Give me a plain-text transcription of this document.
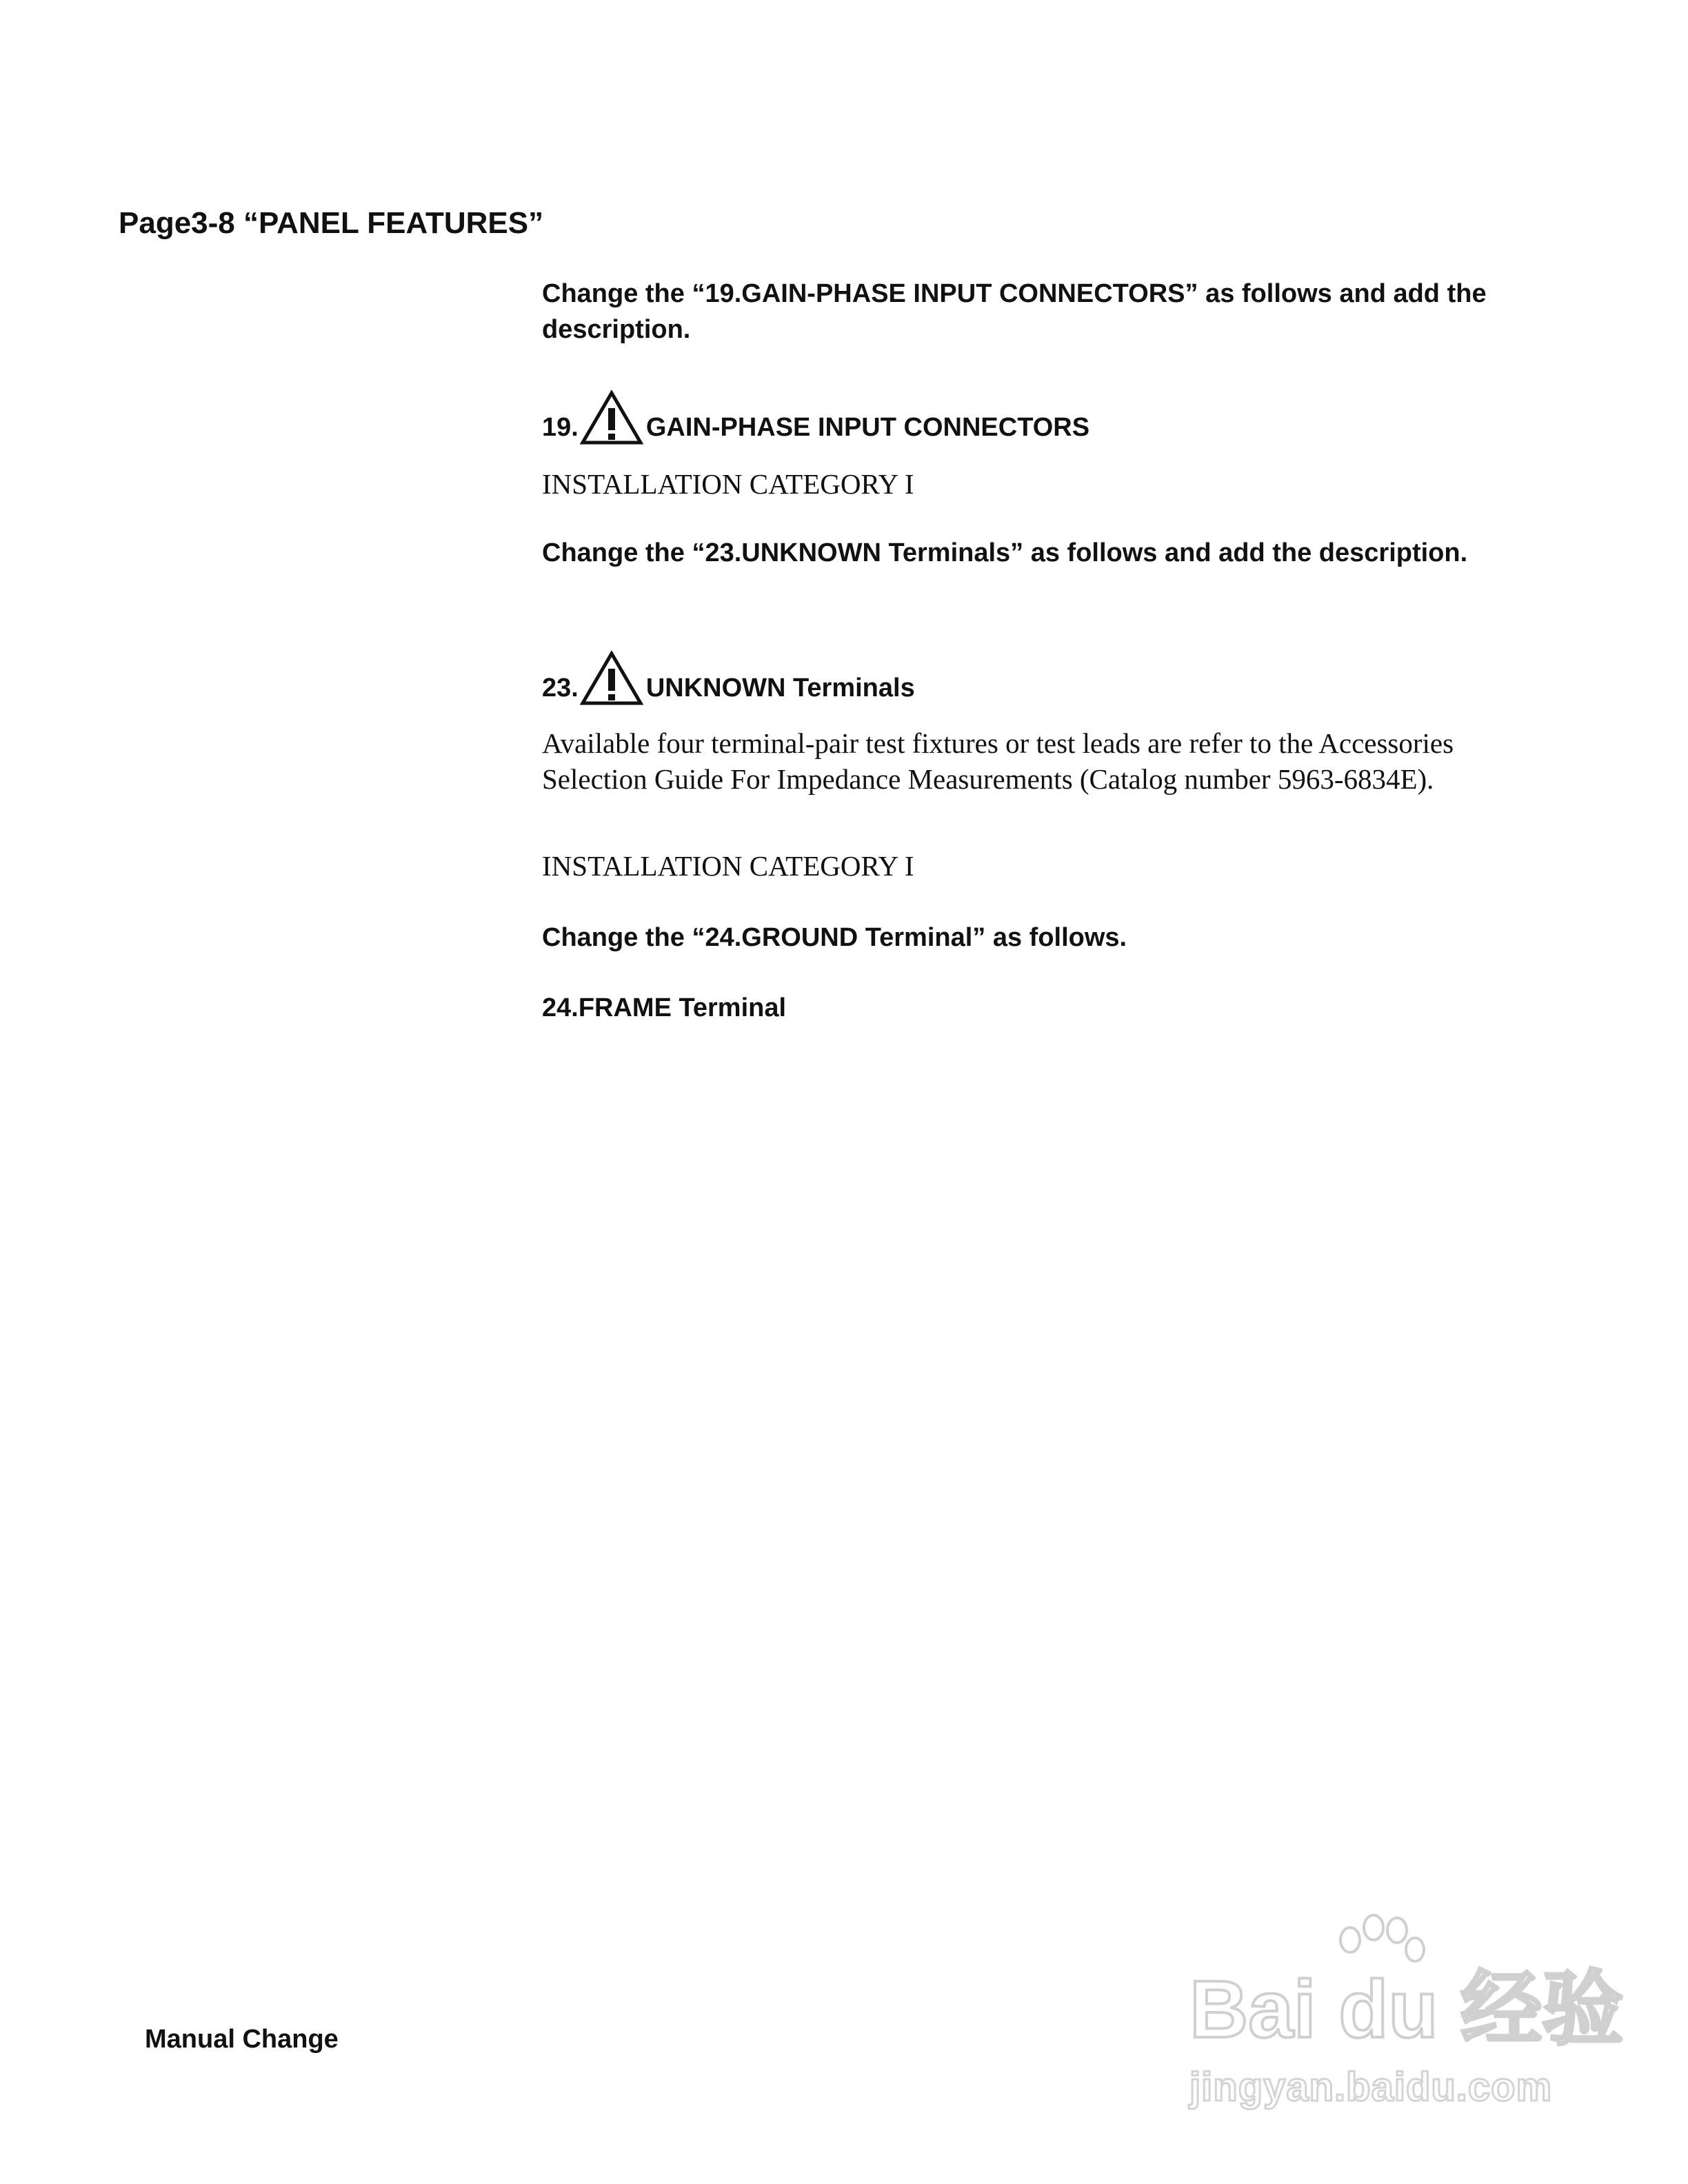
Page3-8 “PANEL FEATURES”
Change the “19.GAIN-PHASE INPUT CONNECTORS” as follows and add the description.
19.	GAIN-PHASE INPUT CONNECTORS
INSTALLATION CATEGORY I
Change the “23.UNKNOWN Terminals” as follows and add the description.
23.	UNKNOWN Terminals
Available four terminal-pair test fixtures or test leads are refer to the Accessories Selection Guide For Impedance Measurements (Catalog number 5963-6834E).
INSTALLATION CATEGORY I
Change the “24.GROUND Terminal” as follows.
24.FRAME Terminal
Manual Change	Bai du 经验
jingyan.baidu.com
